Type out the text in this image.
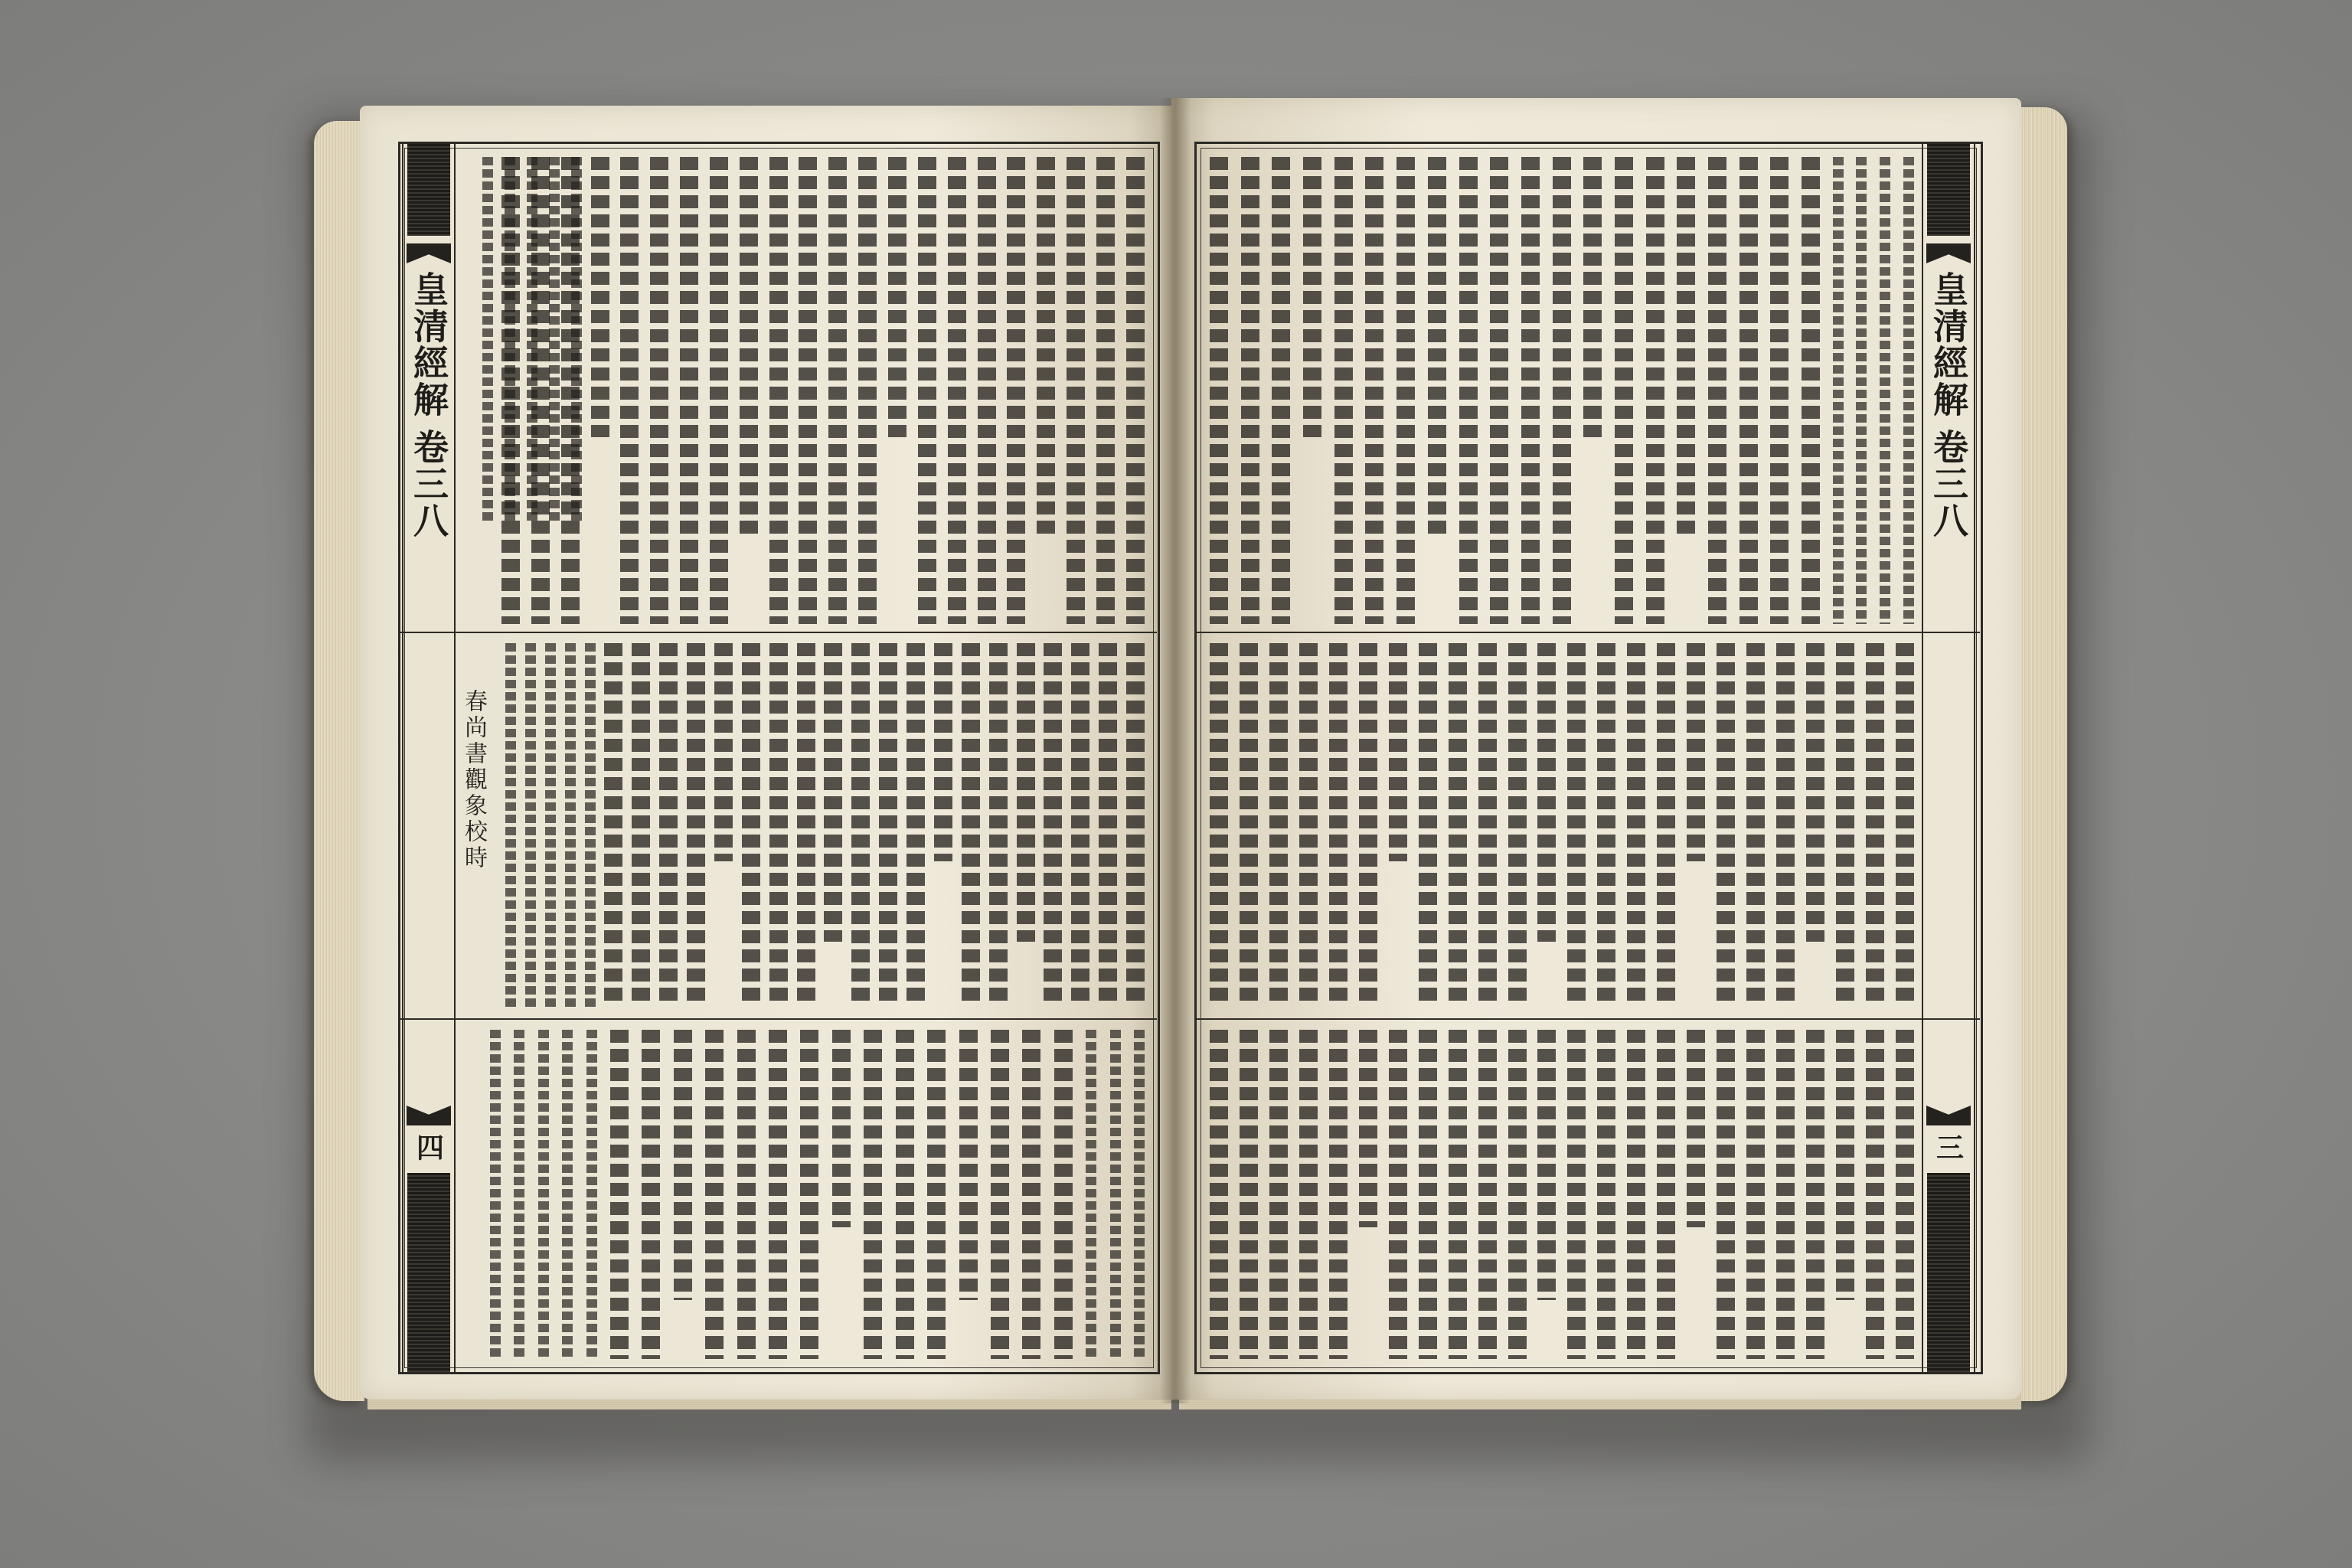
皇清經解
卷三
八
四
春尚書觀象校時
皇清經解
卷三
八
三
